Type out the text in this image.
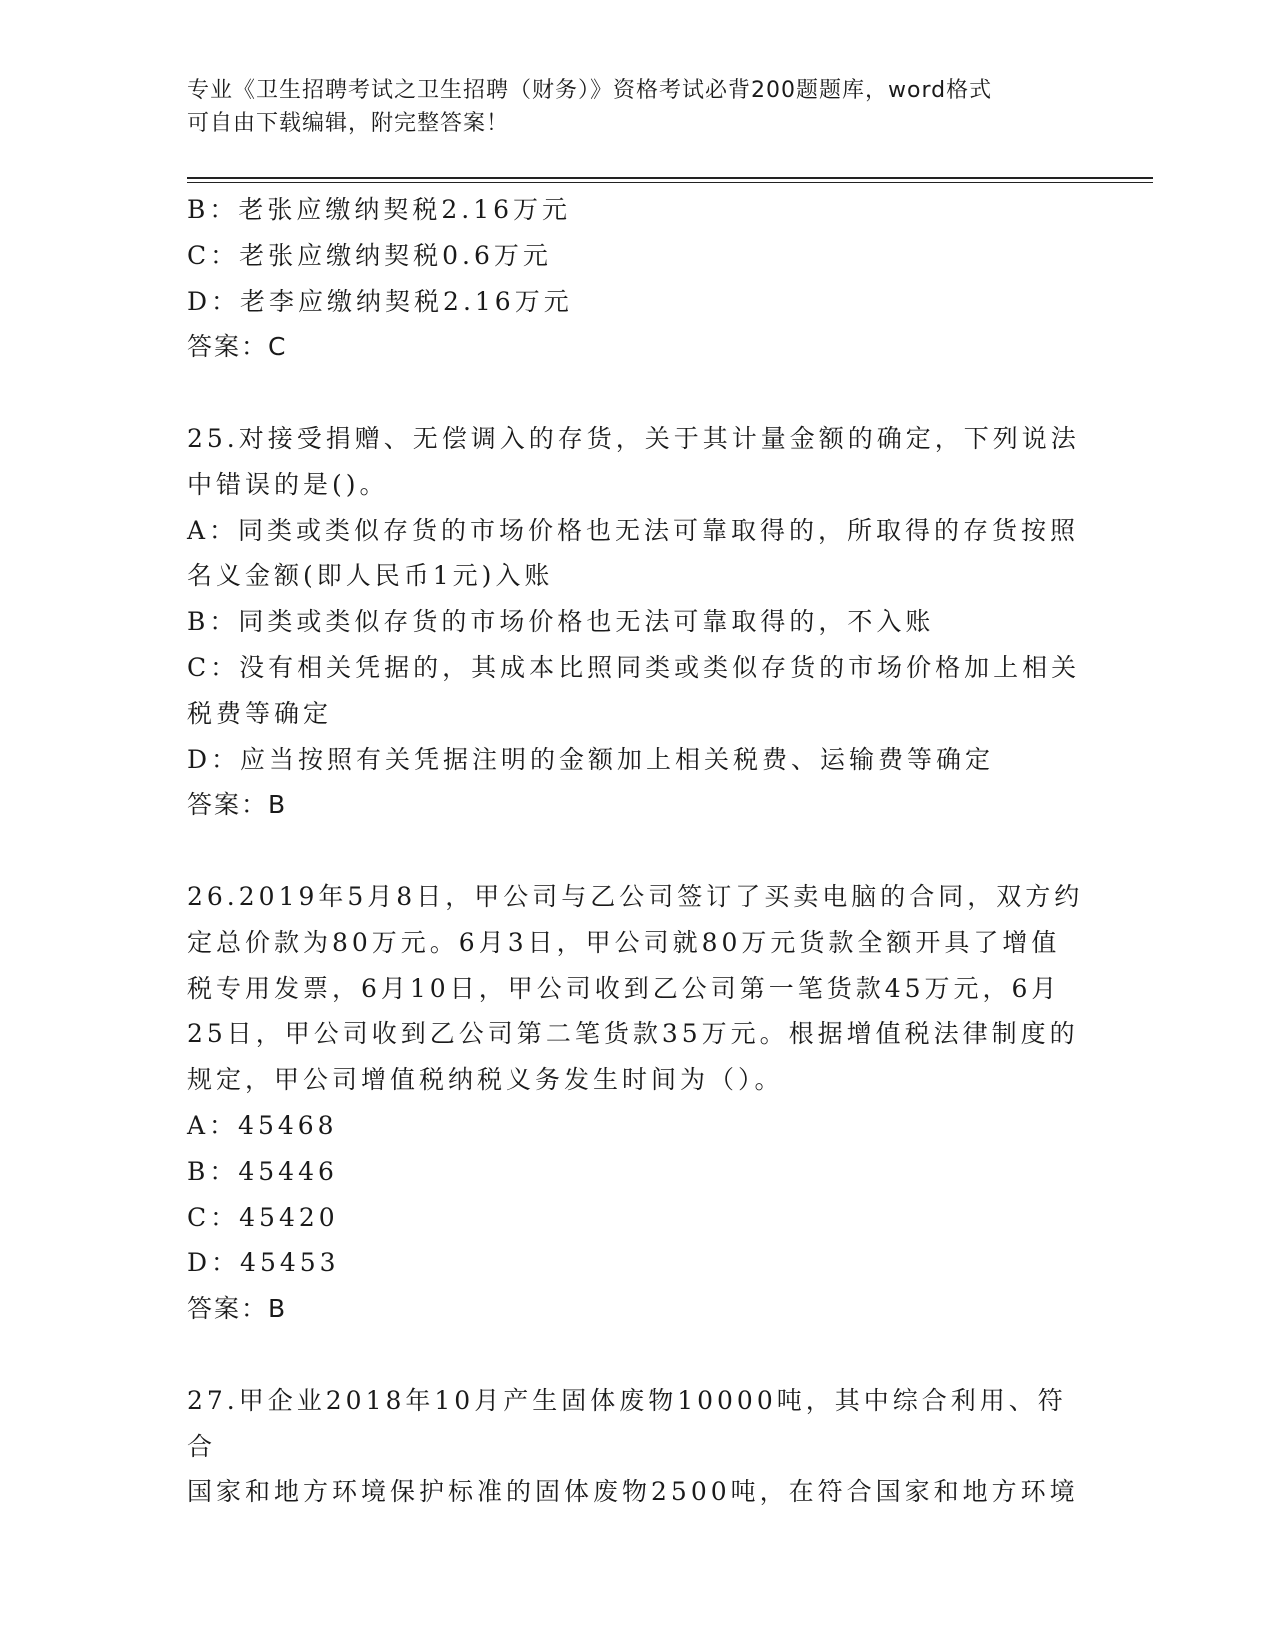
专业《卫生招聘考试之卫生招聘（财务）》资格考试必背200题题库，word格式
可自由下载编辑，附完整答案！

B：老张应缴纳契税2.16万元

C：老张应缴纳契税0.6万元

D：老李应缴纳契税2.16万元

答案：C

25.对接受捐赠、无偿调入的存货，关于其计量金额的确定，下列说法

中错误的是()。

A：同类或类似存货的市场价格也无法可靠取得的，所取得的存货按照

名义金额(即人民币1元)入账

B：同类或类似存货的市场价格也无法可靠取得的，不入账

C：没有相关凭据的，其成本比照同类或类似存货的市场价格加上相关

税费等确定

D：应当按照有关凭据注明的金额加上相关税费、运输费等确定

答案：B

26.2019年5月8日，甲公司与乙公司签订了买卖电脑的合同，双方约

定总价款为80万元。6月3日，甲公司就80万元货款全额开具了增值

税专用发票，6月10日，甲公司收到乙公司第一笔货款45万元，6月

25日，甲公司收到乙公司第二笔货款35万元。根据增值税法律制度的

规定，甲公司增值税纳税义务发生时间为（）。

A：45468

B：45446

C：45420

D：45453

答案：B

27.甲企业2018年10月产生固体废物10000吨，其中综合利用、符合

国家和地方环境保护标准的固体废物2500吨，在符合国家和地方环境
